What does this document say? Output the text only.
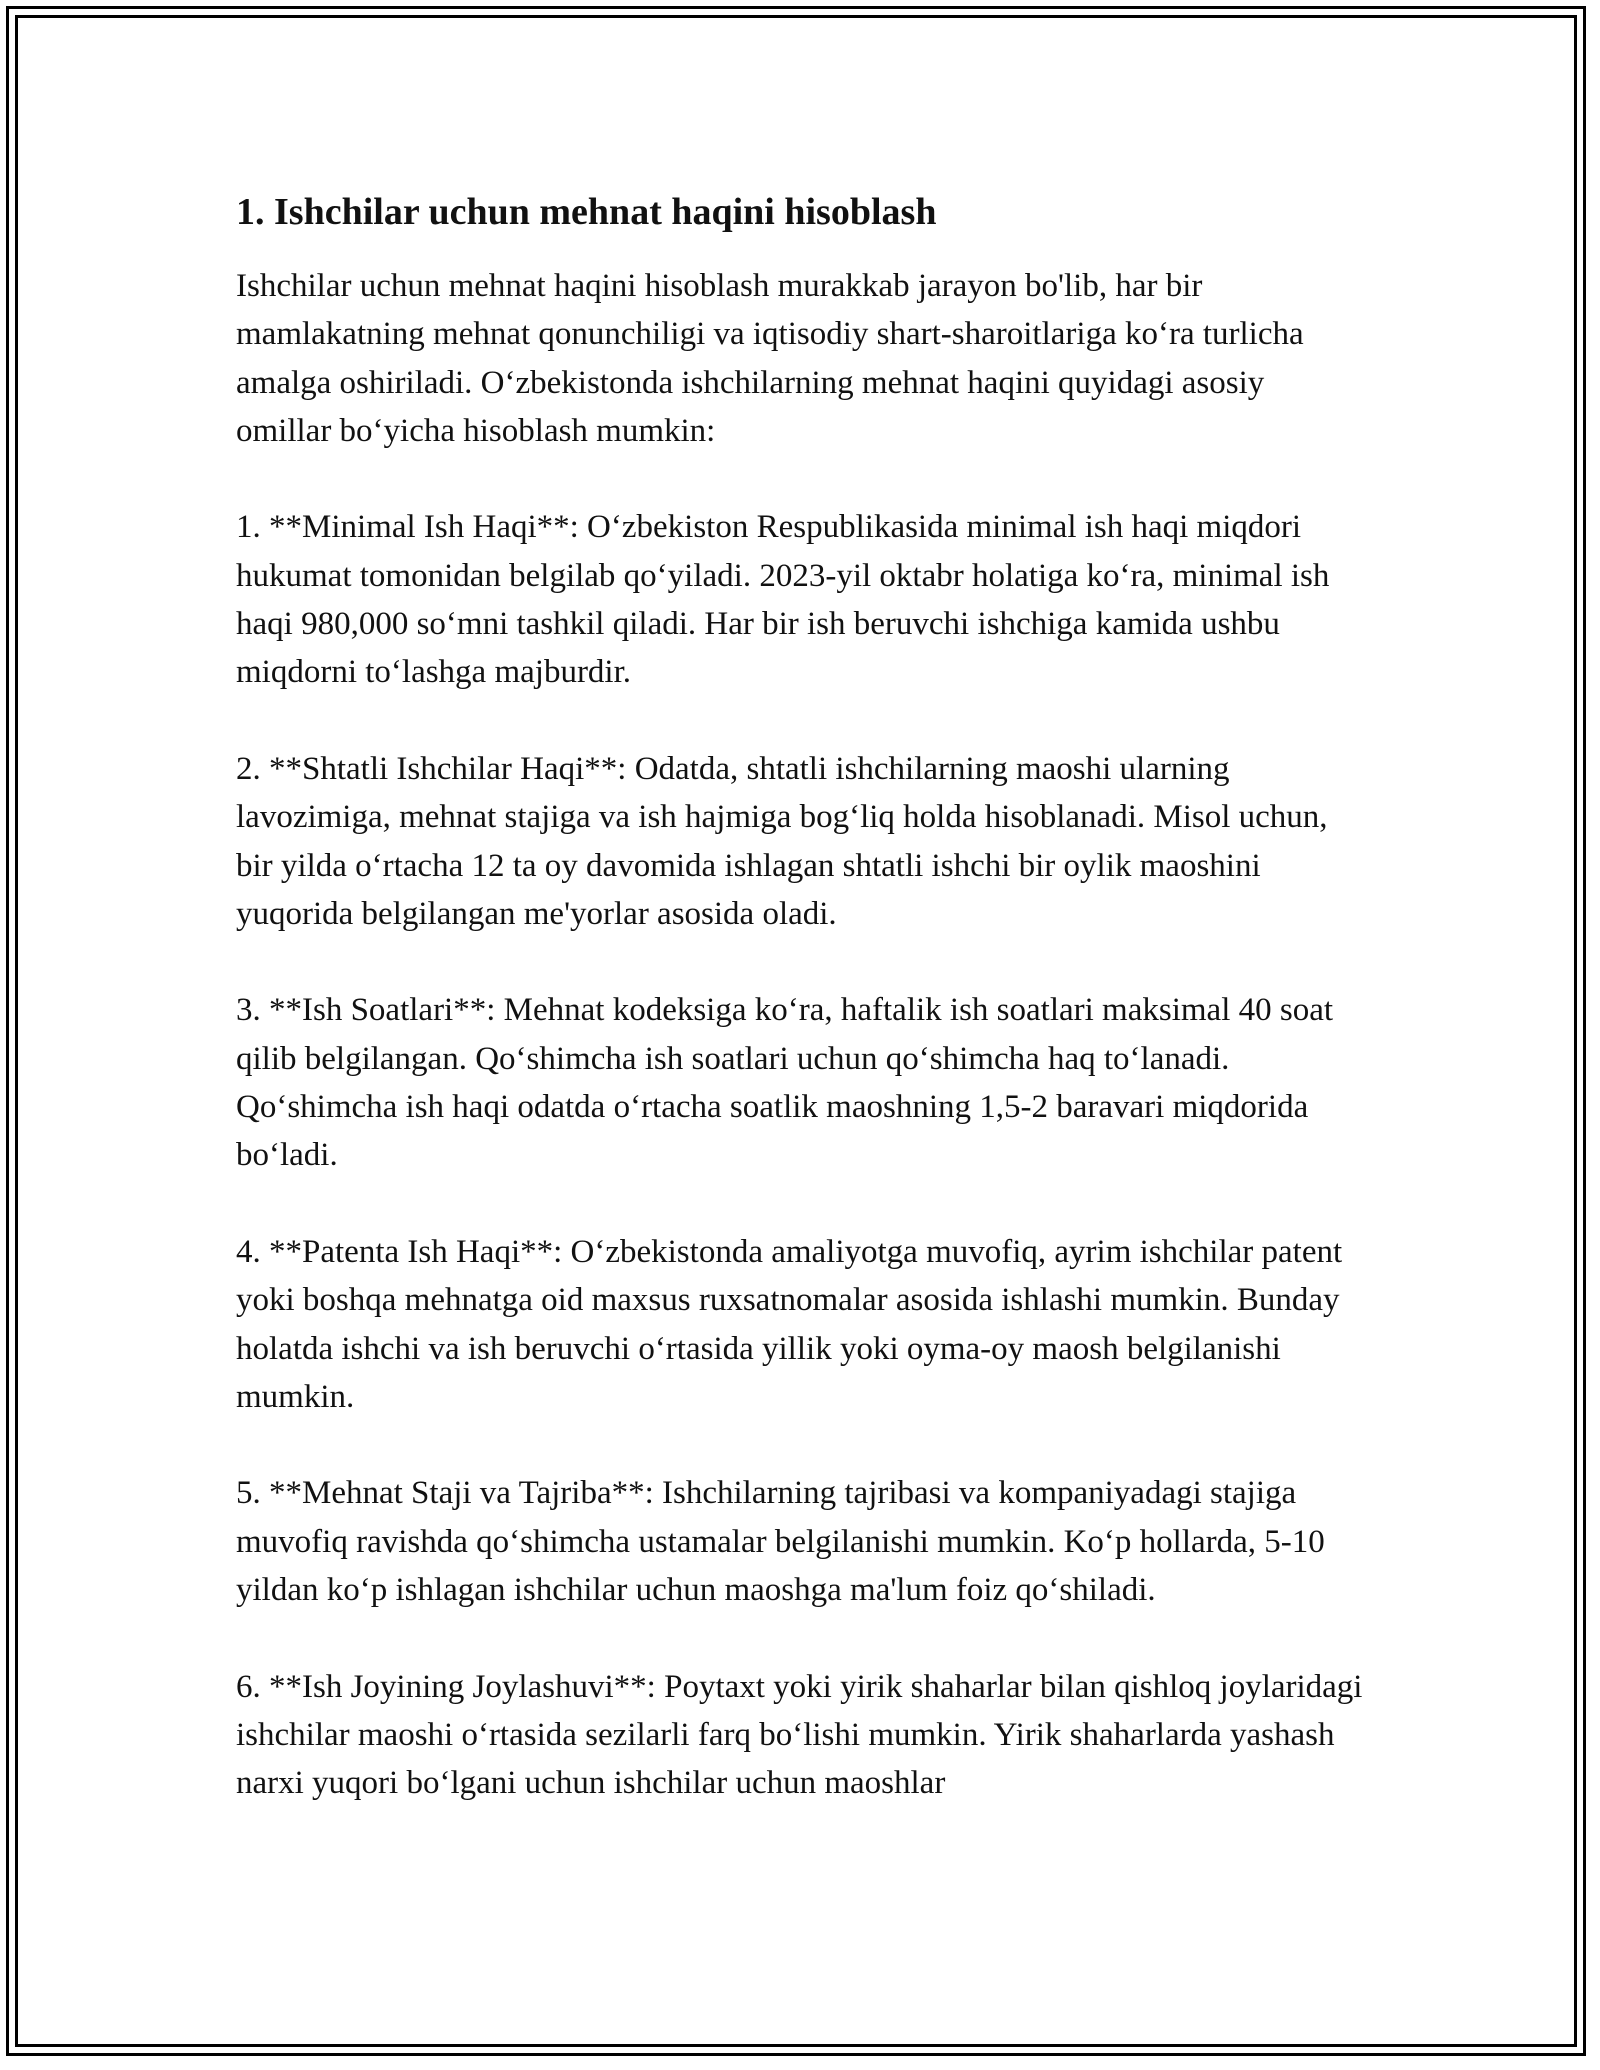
1. Ishchilar uchun mehnat haqini hisoblash

Ishchilar uchun mehnat haqini hisoblash murakkab jarayon bo'lib, har bir mamlakatning mehnat qonunchiligi va iqtisodiy shart-sharoitlariga ko‘ra turlicha amalga oshiriladi. O‘zbekistonda ishchilarning mehnat haqini quyidagi asosiy omillar bo‘yicha hisoblash mumkin:

1. **Minimal Ish Haqi**: O‘zbekiston Respublikasida minimal ish haqi miqdori hukumat tomonidan belgilab qo‘yiladi. 2023-yil oktabr holatiga ko‘ra, minimal ish haqi 980,000 so‘mni tashkil qiladi. Har bir ish beruvchi ishchiga kamida ushbu miqdorni to‘lashga majburdir.

2. **Shtatli Ishchilar Haqi**: Odatda, shtatli ishchilarning maoshi ularning lavozimiga, mehnat stajiga va ish hajmiga bog‘liq holda hisoblanadi. Misol uchun, bir yilda o‘rtacha 12 ta oy davomida ishlagan shtatli ishchi bir oylik maoshini yuqorida belgilangan me'yorlar asosida oladi.

3. **Ish Soatlari**: Mehnat kodeksiga ko‘ra, haftalik ish soatlari maksimal 40 soat qilib belgilangan. Qo‘shimcha ish soatlari uchun qo‘shimcha haq to‘lanadi. Qo‘shimcha ish haqi odatda o‘rtacha soatlik maoshning 1,5-2 baravari miqdorida bo‘ladi.

4. **Patenta Ish Haqi**: O‘zbekistonda amaliyotga muvofiq, ayrim ishchilar patent yoki boshqa mehnatga oid maxsus ruxsatnomalar asosida ishlashi mumkin. Bunday holatda ishchi va ish beruvchi o‘rtasida yillik yoki oyma-oy maosh belgilanishi mumkin.

5. **Mehnat Staji va Tajriba**: Ishchilarning tajribasi va kompaniyadagi stajiga muvofiq ravishda qo‘shimcha ustamalar belgilanishi mumkin. Ko‘p hollarda, 5-10 yildan ko‘p ishlagan ishchilar uchun maoshga ma'lum foiz qo‘shiladi.

6. **Ish Joyining Joylashuvi**: Poytaxt yoki yirik shaharlar bilan qishloq joylaridagi ishchilar maoshi o‘rtasida sezilarli farq bo‘lishi mumkin. Yirik shaharlarda yashash narxi yuqori bo‘lgani uchun ishchilar uchun maoshlar
